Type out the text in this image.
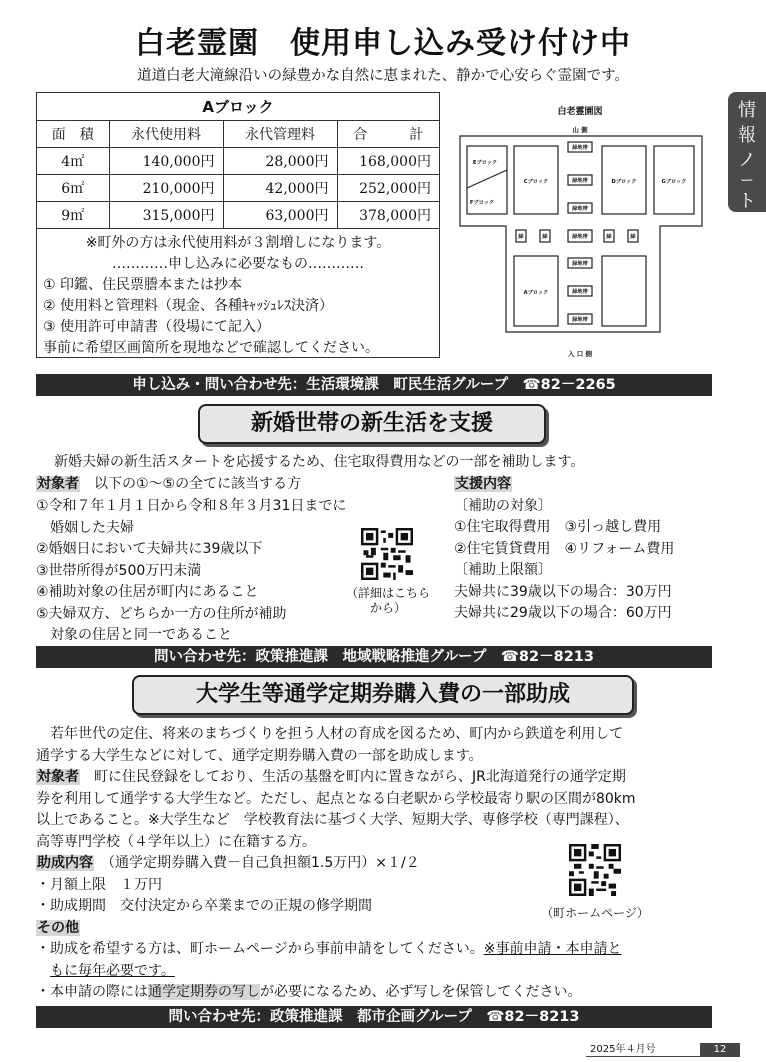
白老霊園　使用申し込み受け付け中
道道白老大滝線沿いの緑豊かな自然に恵まれた、静かで心安らぐ霊園です。
情
報
ノ
ー
ト
Aブロック			
面　積	永代使用料	永代管理料	合　　　計
4㎡	140,000円	28,000円	168,000円
6㎡	210,000円	42,000円	252,000円
9㎡	315,000円	63,000円	378,000円
※町外の方は永代使用料が３割増しになります。
…………申し込みに必要なもの…………
① 印鑑、住民票謄本または抄本
② 使用料と管理料（現金、各種ｷｬｯｼｭﾚｽ決済）
③ 使用許可申請書（役場にて記入）
事前に希望区画箇所を現地などで確認してください。
白老霊園図
山 側
入 口 側
Eブロック
Fブロック
Cブロック	Dブロック	Gブロック
Aブロック
緑地帯
緑地帯
緑地帯
緑地帯
緑地帯
緑地帯
緑地帯
緑	緑	緑	緑
申し込み・問い合わせ先：生活環境課　町民生活グループ　☎82－2265
新婚世帯の新生活を支援
新婚夫婦の新生活スタートを応援するため、住宅取得費用などの一部を補助します。
対象者　 以下の①～⑤の全てに該当する方
①令和７年１月１日から令和８年３月31日までに
　婚姻した夫婦
②婚姻日において夫婦共に39歳以下
③世帯所得が500万円未満
④補助対象の住居が町内にあること
⑤夫婦双方、どちらか一方の住所が補助
　対象の住居と同一であること
（詳細はこちら
から）
支援内容
〔補助の対象〕
①住宅取得費用　③引っ越し費用
②住宅賃貸費用　④リフォーム費用
〔補助上限額〕
夫婦共に39歳以下の場合：30万円
夫婦共に29歳以下の場合：60万円
問い合わせ先：政策推進課　地域戦略推進グループ　☎82－8213
大学生等通学定期券購入費の一部助成
　若年世代の定住、将来のまちづくりを担う人材の育成を図るため、町内から鉄道を利用して
通学する大学生などに対して、通学定期券購入費の一部を助成します。
対象者　 町に住民登録をしており、生活の基盤を町内に置きながら、JR北海道発行の通学定期
券を利用して通学する大学生など。ただし、起点となる白老駅から学校最寄り駅の区間が80km
以上であること。※大学生など　学校教育法に基づく大学、短期大学、専修学校（専門課程）、
高等専門学校（４学年以上）に在籍する方。
助成内容　 （通学定期券購入費－自己負担額1.5万円）×１/２
・月額上限　１万円
・助成期間　交付決定から卒業までの正規の修学期間
その他
（町ホームページ）
・助成を希望する方は、町ホームページから事前申請をしてください。※事前申請・本申請と
もに毎年必要です。
・本申請の際には通学定期券の写しが必要になるため、必ず写しを保管してください。
問い合わせ先：政策推進課　都市企画グループ　☎82－8213
2025年４月号	12
